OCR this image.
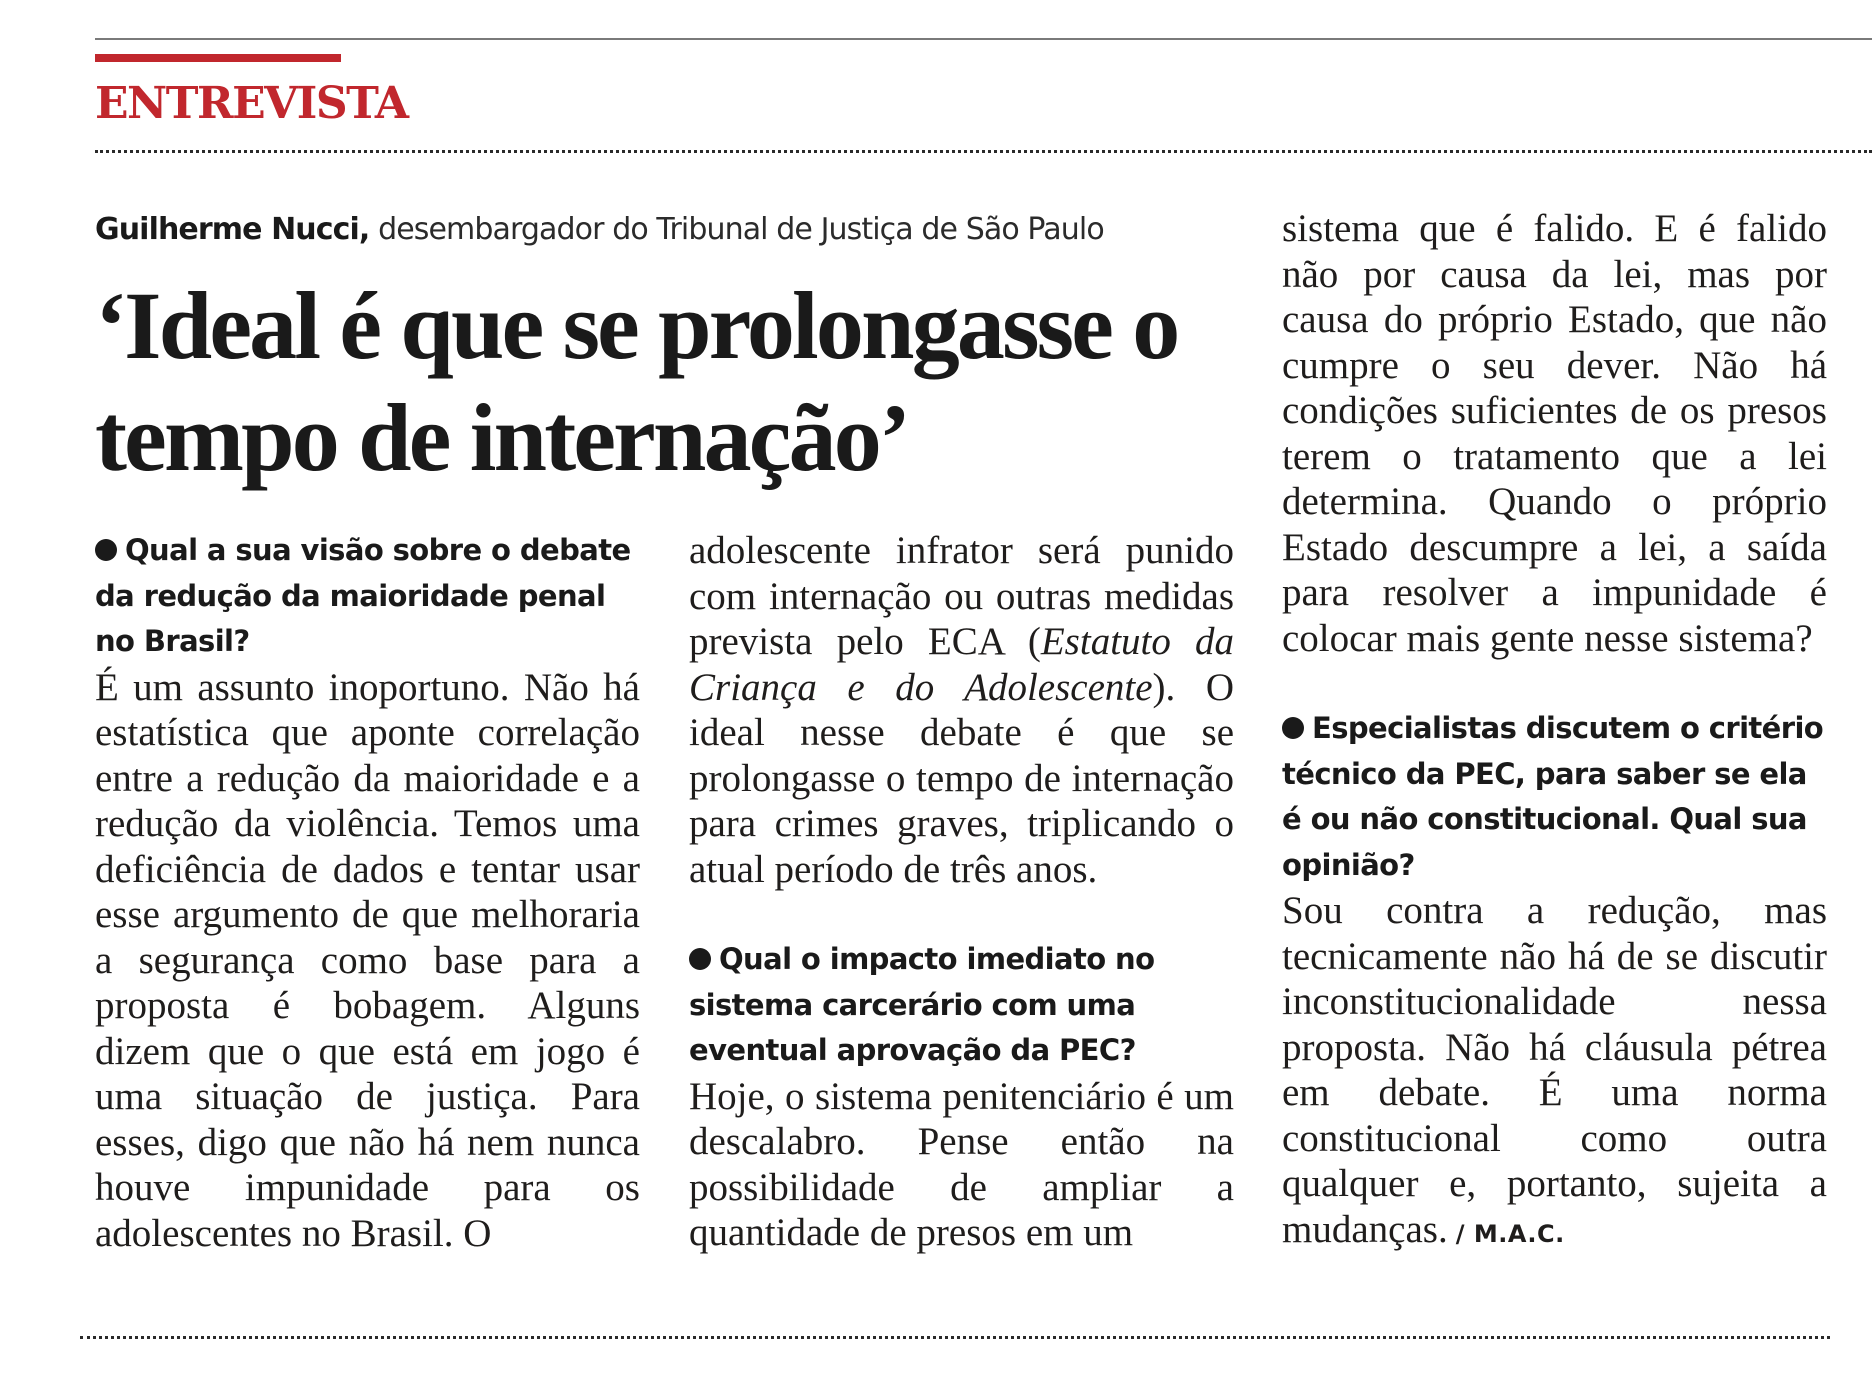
ENTREVISTA
Guilherme Nucci, desembargador do Tribunal de Justiça de São Paulo
‘Ideal é que se prolongasse o tempo de internação’
Qual a sua visão sobre o debate da redução da maioridade penal no Brasil?
É um assunto inoportuno. Não há estatística que aponte correlação entre a redução da maioridade e a redução da violência. Temos uma deficiência de dados e tentar usar esse argumento de que melhoraria a segurança como base para a proposta é bobagem. Alguns dizem que o que está em jogo é uma situação de justiça. Para esses, digo que não há nem nunca houve impunidade para os adolescentes no Brasil. O
adolescente infrator será punido com internação ou outras medidas prevista pelo ECA (Estatuto da Criança e do Adolescente). O ideal nesse debate é que se prolongasse o tempo de internação para crimes graves, triplicando o atual período de três anos.
Qual o impacto imediato no sistema carcerário com uma eventual aprovação da PEC?
Hoje, o sistema penitenciário é um descalabro. Pense então na possibilidade de ampliar a quantidade de presos em um
sistema que é falido. E é falido não por causa da lei, mas por causa do próprio Estado, que não cumpre o seu dever. Não há condições suficientes de os presos terem o tratamento que a lei determina. Quando o próprio Estado descumpre a lei, a saída para resolver a impunidade é colocar mais gente nesse sistema?
Especialistas discutem o critério técnico da PEC, para saber se ela é ou não constitucional. Qual sua opinião?
Sou contra a redução, mas tecnicamente não há de se discutir inconstitucionalidade nessa proposta. Não há cláusula pétrea em debate. É uma norma constitucional como outra qualquer e, portanto, sujeita a mudanças. / M.A.C.
